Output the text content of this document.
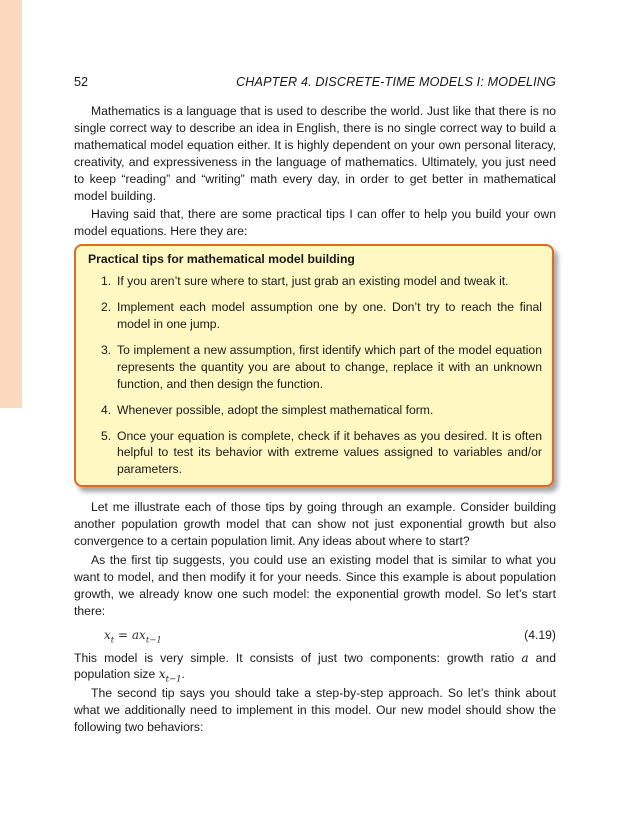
52	CHAPTER 4. DISCRETE-TIME MODELS I: MODELING

Mathematics is a language that is used to describe the world. Just like that there is no single correct way to describe an idea in English, there is no single correct way to build a mathematical model equation either. It is highly dependent on your own personal literacy, creativity, and expressiveness in the language of mathematics. Ultimately, you just need to keep “reading” and “writing” math every day, in order to get better in mathematical model building.

Having said that, there are some practical tips I can offer to help you build your own model equations. Here they are:

Practical tips for mathematical model building
1. If you aren’t sure where to start, just grab an existing model and tweak it.
2. Implement each model assumption one by one. Don’t try to reach the final model in one jump.
3. To implement a new assumption, first identify which part of the model equation represents the quantity you are about to change, replace it with an unknown function, and then design the function.
4. Whenever possible, adopt the simplest mathematical form.
5. Once your equation is complete, check if it behaves as you desired. It is often helpful to test its behavior with extreme values assigned to variables and/or parameters.

Let me illustrate each of those tips by going through an example. Consider building another population growth model that can show not just exponential growth but also convergence to a certain population limit. Any ideas about where to start?

As the first tip suggests, you could use an existing model that is similar to what you want to model, and then modify it for your needs. Since this example is about population growth, we already know one such model: the exponential growth model. So let’s start there:

$x_t = ax_{t-1}$	(4.19)

This model is very simple. It consists of just two components: growth ratio a and population size $x_{t-1}$.

The second tip says you should take a step-by-step approach. So let’s think about what we additionally need to implement in this model. Our new model should show the following two behaviors:
